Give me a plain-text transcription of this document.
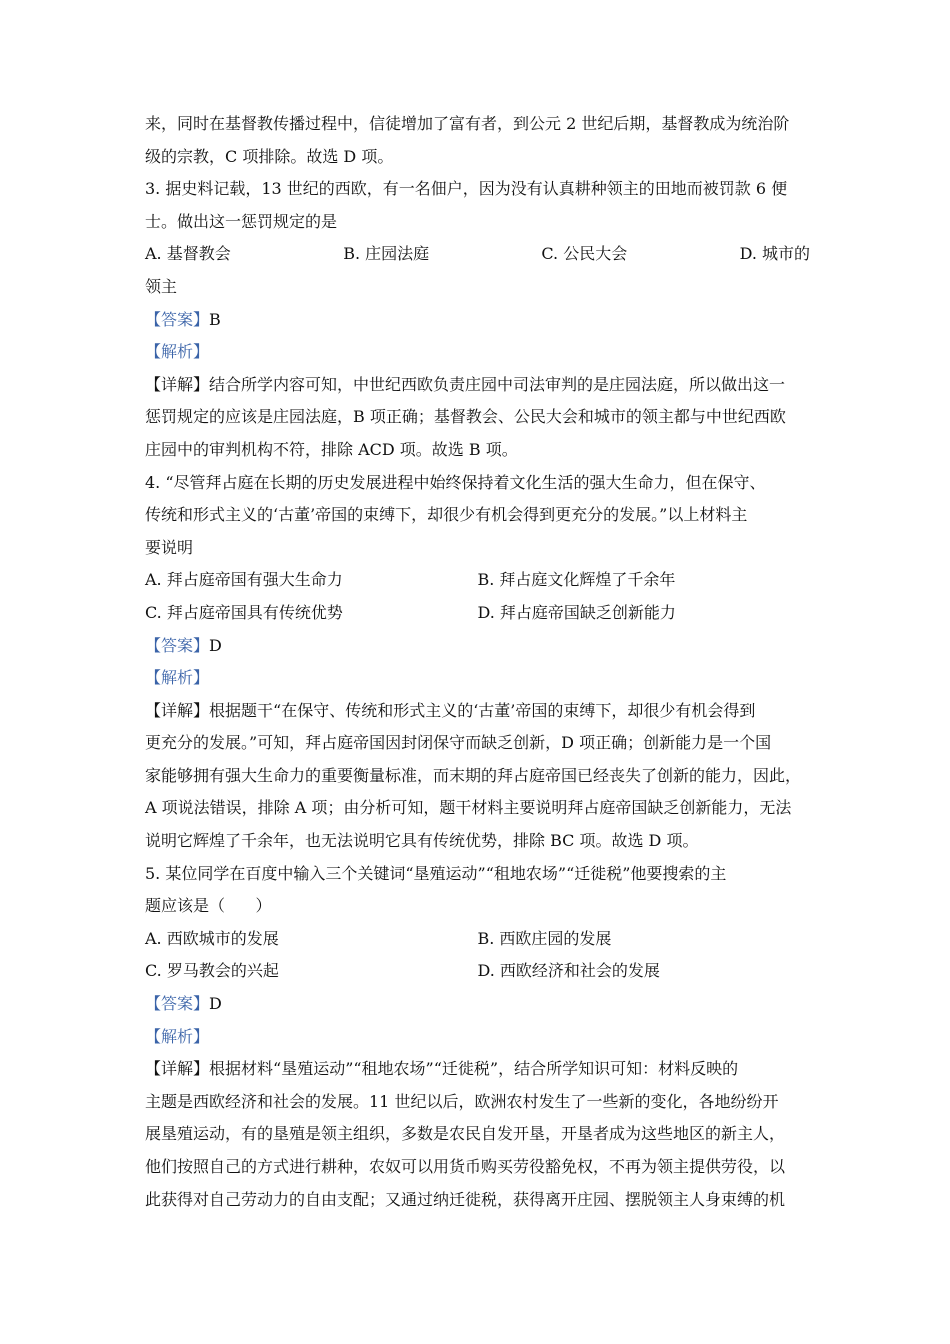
来，同时在基督教传播过程中，信徒增加了富有者，到公元 2 世纪后期，基督教成为统治阶

级的宗教，C 项排除。故选 D 项。

3. 据史料记载，13 世纪的西欧，有一名佃户，因为没有认真耕种领主的田地而被罚款 6 便

士。做出这一惩罚规定的是

A. 基督教会	B. 庄园法庭	C. 公民大会	D. 城市的

领主

【答案】B

【解析】

【详解】结合所学内容可知，中世纪西欧负责庄园中司法审判的是庄园法庭，所以做出这一

惩罚规定的应该是庄园法庭，B 项正确；基督教会、公民大会和城市的领主都与中世纪西欧

庄园中的审判机构不符，排除 ACD 项。故选 B 项。

4. “尽管拜占庭在长期的历史发展进程中始终保持着文化生活的强大生命力，但在保守、

传统和形式主义的‘古董’帝国的束缚下，却很少有机会得到更充分的发展。”以上材料主

要说明

A. 拜占庭帝国有强大生命力	B. 拜占庭文化辉煌了千余年
C. 拜占庭帝国具有传统优势	D. 拜占庭帝国缺乏创新能力

【答案】D

【解析】

【详解】根据题干“在保守、传统和形式主义的‘古董’帝国的束缚下，却很少有机会得到

更充分的发展。”可知，拜占庭帝国因封闭保守而缺乏创新，D 项正确；创新能力是一个国

家能够拥有强大生命力的重要衡量标准，而末期的拜占庭帝国已经丧失了创新的能力，因此，

A 项说法错误，排除 A 项；由分析可知，题干材料主要说明拜占庭帝国缺乏创新能力，无法

说明它辉煌了千余年，也无法说明它具有传统优势，排除 BC 项。故选 D 项。

5. 某位同学在百度中输入三个关键词“垦殖运动”“租地农场”“迁徙税”他要搜索的主

题应该是（      ）

A. 西欧城市的发展	B. 西欧庄园的发展
C. 罗马教会的兴起	D. 西欧经济和社会的发展

【答案】D

【解析】

【详解】根据材料“垦殖运动”“租地农场”“迁徙税”，结合所学知识可知：材料反映的

主题是西欧经济和社会的发展。11 世纪以后，欧洲农村发生了一些新的变化，各地纷纷开

展垦殖运动，有的垦殖是领主组织，多数是农民自发开垦，开垦者成为这些地区的新主人，

他们按照自己的方式进行耕种，农奴可以用货币购买劳役豁免权，不再为领主提供劳役，以

此获得对自己劳动力的自由支配；又通过纳迁徙税，获得离开庄园、摆脱领主人身束缚的机
